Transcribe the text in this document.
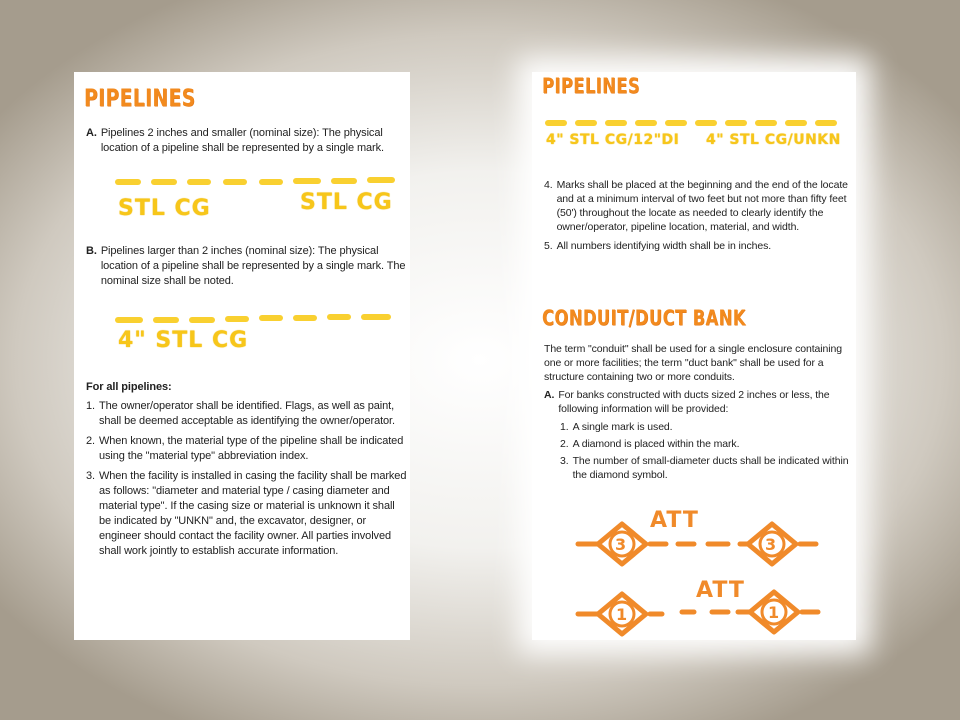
PIPELINES
A. Pipelines 2 inches and smaller (nominal size): The physical location of a pipeline shall be represented by a single mark.
STL CG	STL CG
B. Pipelines larger than 2 inches (nominal size): The physical location of a pipeline shall be represented by a single mark. The nominal size shall be noted.
4" STL CG
For all pipelines:
1. The owner/operator shall be identified. Flags, as well as paint, shall be deemed acceptable as identifying the owner/operator.
2. When known, the material type of the pipeline shall be indicated using the "material type" abbreviation index.
3. When the facility is installed in casing the facility shall be marked as follows: "diameter and material type / casing diameter and material type". If the casing size or material is unknown it shall be indicated by "UNKN" and, the excavator, designer, or engineer should contact the facility owner. All parties involved shall work jointly to establish accurate information.
PIPELINES
4" STL CG/12"DI 4" STL CG/UNKN
4. Marks shall be placed at the beginning and the end of the locate and at a minimum interval of two feet but not more than fifty feet (50') throughout the locate as needed to clearly identify the owner/operator, pipeline location, material, and width.
5. All numbers identifying width shall be in inches.
CONDUIT/DUCT BANK
The term "conduit" shall be used for a single enclosure containing one or more facilities; the term "duct bank" shall be used for a structure containing two or more conduits.
A. For banks constructed with ducts sized 2 inches or less, the following information will be provided:
1. A single mark is used.
2. A diamond is placed within the mark.
3. The number of small-diameter ducts shall be indicated within the diamond symbol.
3	3
ATT
1	1
ATT
